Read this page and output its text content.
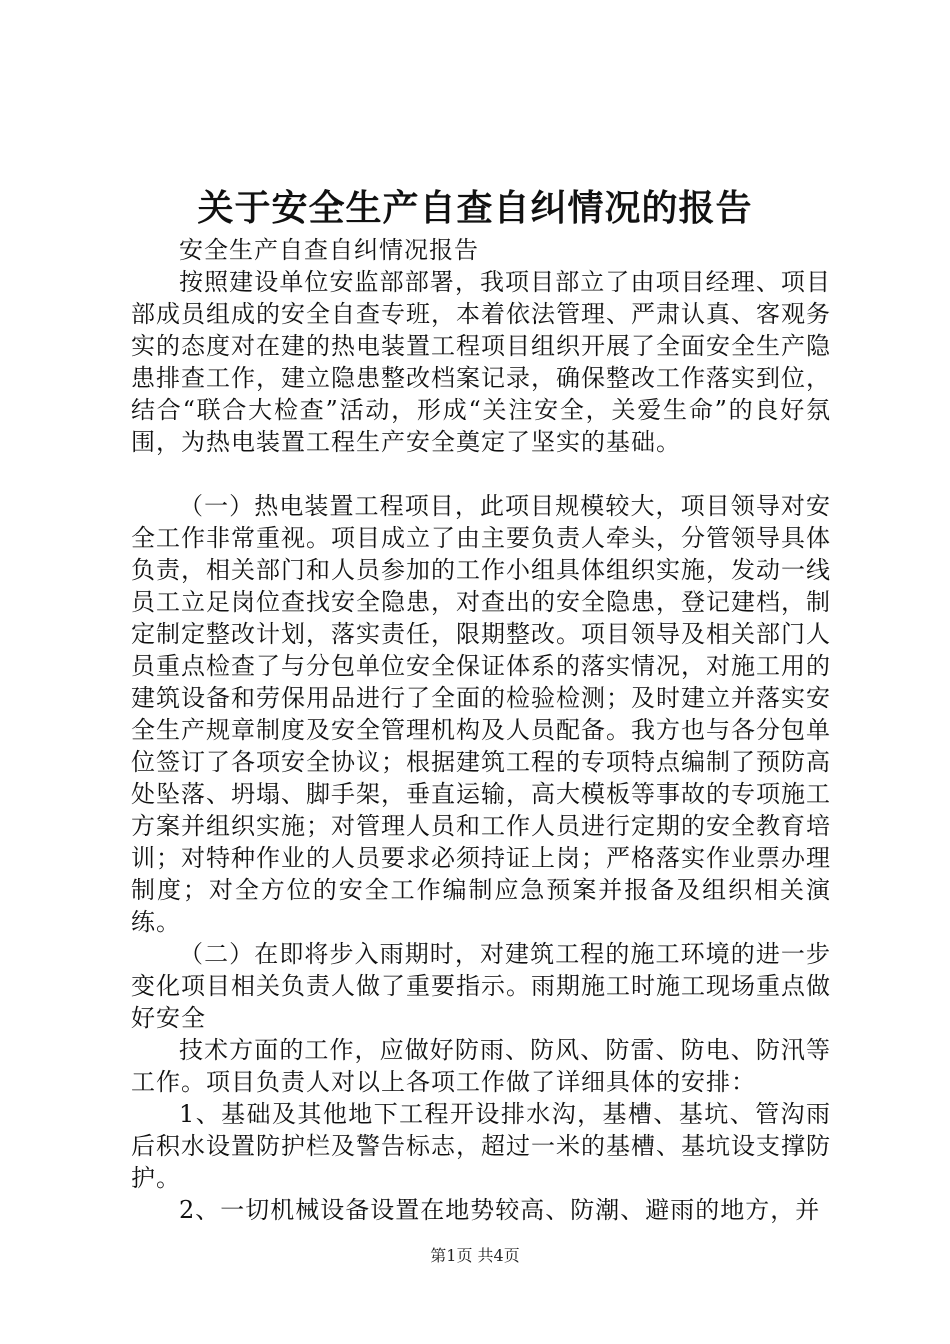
关于安全生产自查自纠情况的报告

安全生产自查自纠情况报告

按照建设单位安监部部署，我项目部立了由项目经理、项目部成员组成的安全自查专班，本着依法管理、严肃认真、客观务实的态度对在建的热电装置工程项目组织开展了全面安全生产隐患排查工作，建立隐患整改档案记录，确保整改工作落实到位，结合“联合大检查”活动，形成“关注安全，关爱生命”的良好氛围，为热电装置工程生产安全奠定了坚实的基础。

（一）热电装置工程项目，此项目规模较大，项目领导对安全工作非常重视。项目成立了由主要负责人牵头，分管领导具体负责，相关部门和人员参加的工作小组具体组织实施，发动一线员工立足岗位查找安全隐患，对查出的安全隐患，登记建档，制定制定整改计划，落实责任，限期整改。项目领导及相关部门人员重点检查了与分包单位安全保证体系的落实情况，对施工用的建筑设备和劳保用品进行了全面的检验检测；及时建立并落实安全生产规章制度及安全管理机构及人员配备。我方也与各分包单位签订了各项安全协议；根据建筑工程的专项特点编制了预防高处坠落、坍塌、脚手架，垂直运输，高大模板等事故的专项施工方案并组织实施；对管理人员和工作人员进行定期的安全教育培训；对特种作业的人员要求必须持证上岗；严格落实作业票办理制度；对全方位的安全工作编制应急预案并报备及组织相关演练。

（二）在即将步入雨期时，对建筑工程的施工环境的进一步变化项目相关负责人做了重要指示。雨期施工时施工现场重点做好安全

技术方面的工作，应做好防雨、防风、防雷、防电、防汛等工作。项目负责人对以上各项工作做了详细具体的安排：

1、基础及其他地下工程开设排水沟，基槽、基坑、管沟雨后积水设置防护栏及警告标志，超过一米的基槽、基坑设支撑防护。

2、一切机械设备设置在地势较高、防潮、避雨的地方，并

第1页 共4页
